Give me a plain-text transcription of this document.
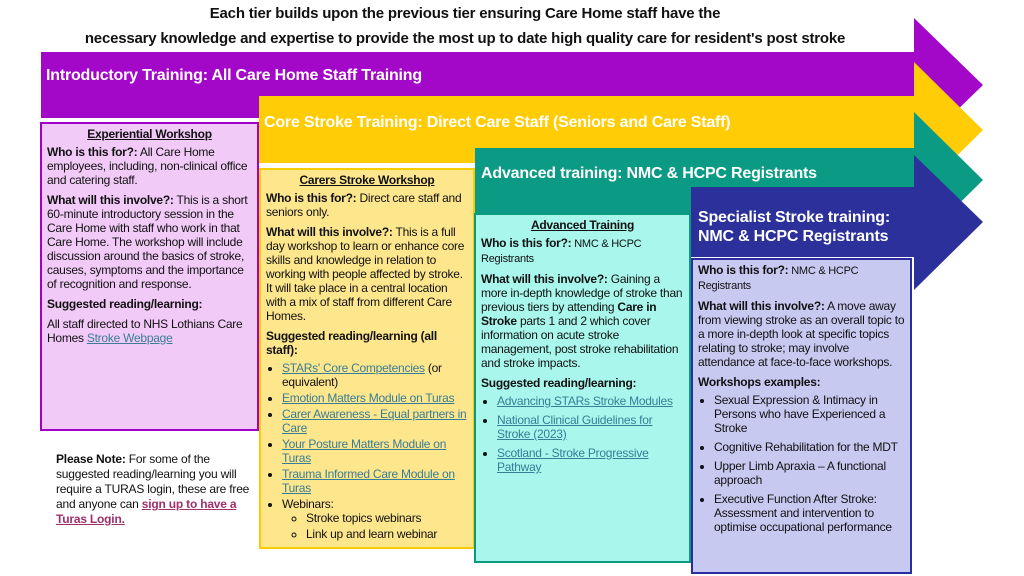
Each tier builds upon the previous tier ensuring Care Home staff have the
necessary knowledge and expertise to provide the most up to date high quality care for resident's post stroke
Introductory Training: All Care Home Staff Training
Core Stroke Training: Direct Care Staff (Seniors and Care Staff)
Advanced training: NMC & HCPC Registrants
Specialist Stroke training:
NMC & HCPC Registrants
Experiential Workshop

Who is this for?: All Care Home employees, including, non-clinical office and catering staff.

What will this involve?: This is a short 60-minute introductory session in the Care Home with staff who work in that Care Home. The workshop will include discussion around the basics of stroke, causes, symptoms and the importance of recognition and response.

Suggested reading/learning:

All staff directed to NHS Lothians Care Homes Stroke Webpage

Carers Stroke Workshop

Who is this for?: Direct care staff and seniors only.

What will this involve?: This is a full day workshop to learn or enhance core skills and knowledge in relation to working with people affected by stroke. It will take place in a central location with a mix of staff from different Care Homes.

Suggested reading/learning (all staff):

• STARs' Core Competencies (or equivalent)
• Emotion Matters Module on Turas
• Carer Awareness - Equal partners in Care
• Your Posture Matters Module on Turas
• Trauma Informed Care Module on Turas
• Webinars:
◦ Stroke topics webinars
◦ Link up and learn webinar
Advanced Training

Who is this for?: NMC & HCPC Registrants

What will this involve?: Gaining a more in-depth knowledge of stroke than previous tiers by attending Care in Stroke parts 1 and 2 which cover information on acute stroke management, post stroke rehabilitation and stroke impacts.

Suggested reading/learning:

• Advancing STARs Stroke Modules
• National Clinical Guidelines for Stroke (2023)
• Scotland - Stroke Progressive Pathway

Who is this for?: NMC & HCPC Registrants

What will this involve?: A move away from viewing stroke as an overall topic to a more in-depth look at specific topics relating to stroke; may involve attendance at face-to-face workshops.

Workshops examples:

• Sexual Expression & Intimacy in Persons who have Experienced a Stroke
• Cognitive Rehabilitation for the MDT
• Upper Limb Apraxia – A functional approach
• Executive Function After Stroke: Assessment and intervention to optimise occupational performance
Please Note: For some of the suggested reading/learning you will require a TURAS login, these are free and anyone can sign up to have a Turas Login.
